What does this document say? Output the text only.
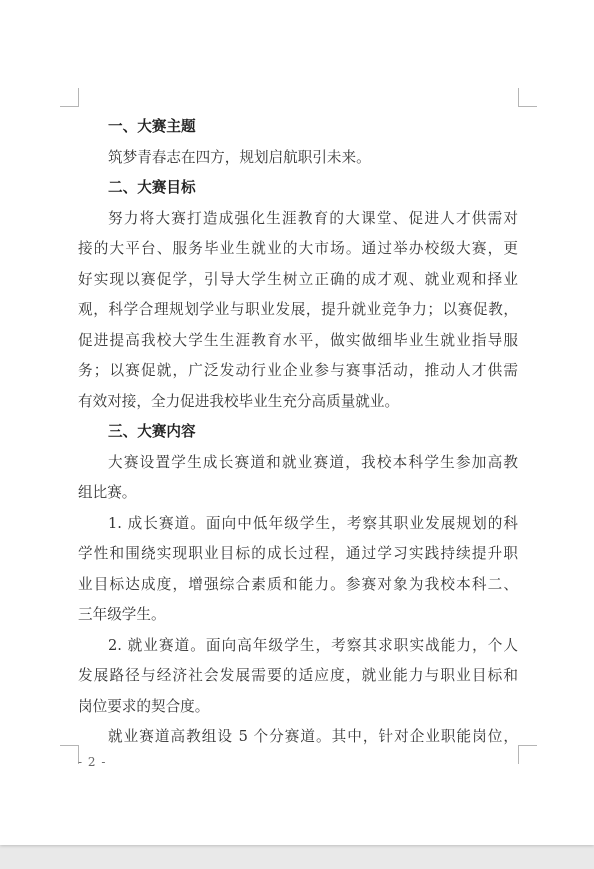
一、大赛主题
筑梦青春志在四方，规划启航职引未来。
二、大赛目标
努力将大赛打造成强化生涯教育的大课堂、促进人才供需对
接的大平台、服务毕业生就业的大市场。通过举办校级大赛，更
好实现以赛促学，引导大学生树立正确的成才观、就业观和择业
观，科学合理规划学业与职业发展，提升就业竞争力；以赛促教，
促进提高我校大学生生涯教育水平，做实做细毕业生就业指导服
务；以赛促就，广泛发动行业企业参与赛事活动，推动人才供需
有效对接，全力促进我校毕业生充分高质量就业。
三、大赛内容
大赛设置学生成长赛道和就业赛道，我校本科学生参加高教
组比赛。
1. 成长赛道。面向中低年级学生，考察其职业发展规划的科
学性和围绕实现职业目标的成长过程，通过学习实践持续提升职
业目标达成度，增强综合素质和能力。参赛对象为我校本科二、
三年级学生。
2. 就业赛道。面向高年级学生，考察其求职实战能力，个人
发展路径与经济社会发展需要的适应度，就业能力与职业目标和
岗位要求的契合度。
就业赛道高教组设 5 个分赛道。其中，针对企业职能岗位，
- 2 -
